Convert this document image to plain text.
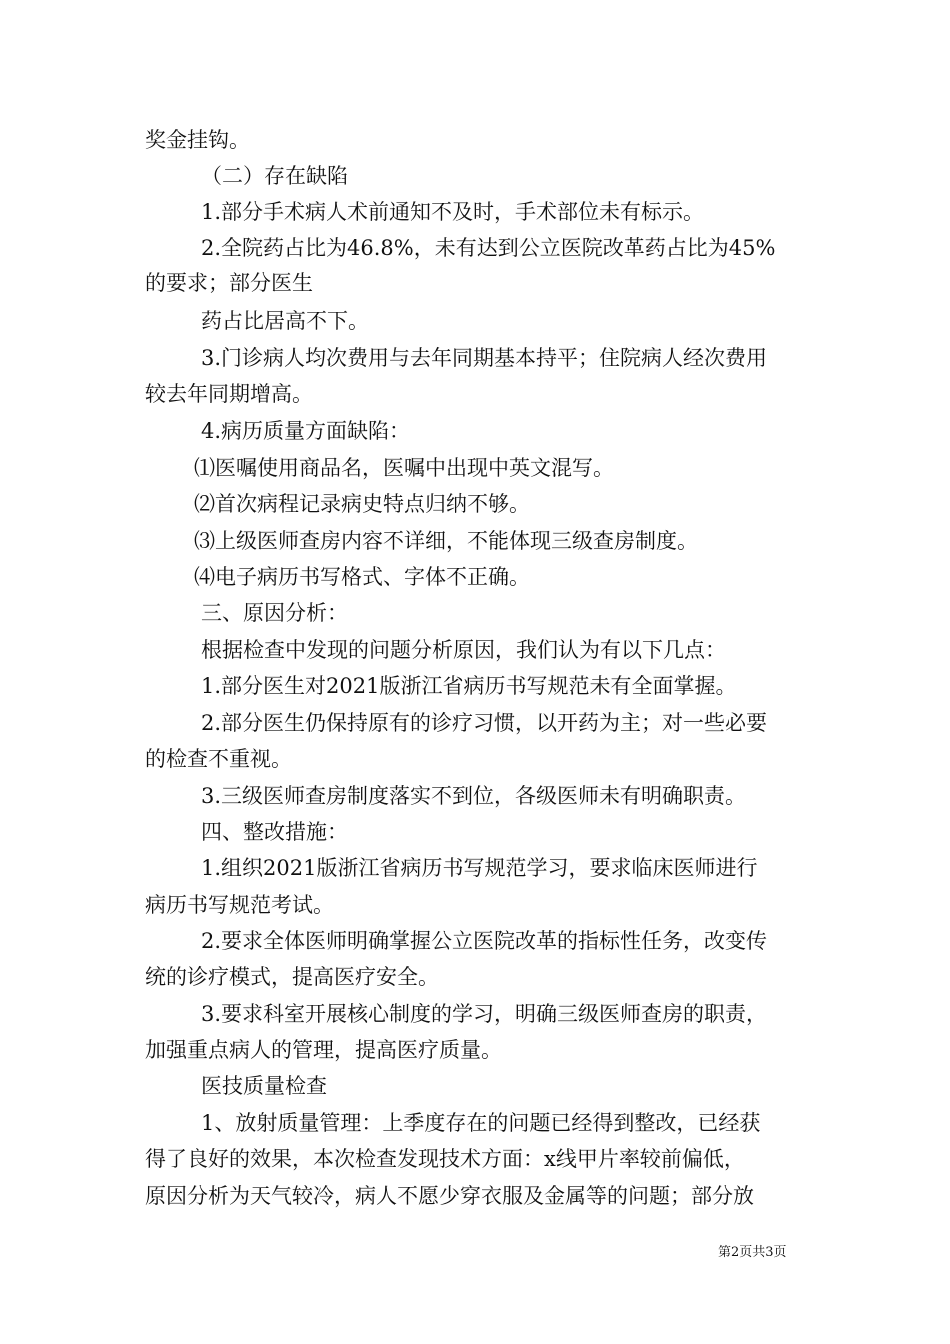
奖金挂钩。
（二）存在缺陷
1.部分手术病人术前通知不及时，手术部位未有标示。
2.全院药占比为46.8%，未有达到公立医院改革药占比为45%
的要求；部分医生
药占比居高不下。
3.门诊病人均次费用与去年同期基本持平；住院病人经次费用
较去年同期增高。
4.病历质量方面缺陷：
⑴医嘱使用商品名，医嘱中出现中英文混写。
⑵首次病程记录病史特点归纳不够。
⑶上级医师查房内容不详细，不能体现三级查房制度。
⑷电子病历书写格式、字体不正确。
三、原因分析：
根据检查中发现的问题分析原因，我们认为有以下几点：
1.部分医生对2021版浙江省病历书写规范未有全面掌握。
2.部分医生仍保持原有的诊疗习惯，以开药为主；对一些必要
的检查不重视。
3.三级医师查房制度落实不到位，各级医师未有明确职责。
四、整改措施：
1.组织2021版浙江省病历书写规范学习，要求临床医师进行
病历书写规范考试。
2.要求全体医师明确掌握公立医院改革的指标性任务，改变传
统的诊疗模式，提高医疗安全。
3.要求科室开展核心制度的学习，明确三级医师查房的职责，
加强重点病人的管理，提高医疗质量。
医技质量检查
1、放射质量管理：上季度存在的问题已经得到整改，已经获
得了良好的效果，本次检查发现技术方面：x线甲片率较前偏低，
原因分析为天气较冷，病人不愿少穿衣服及金属等的问题；部分放
第2页共3页
